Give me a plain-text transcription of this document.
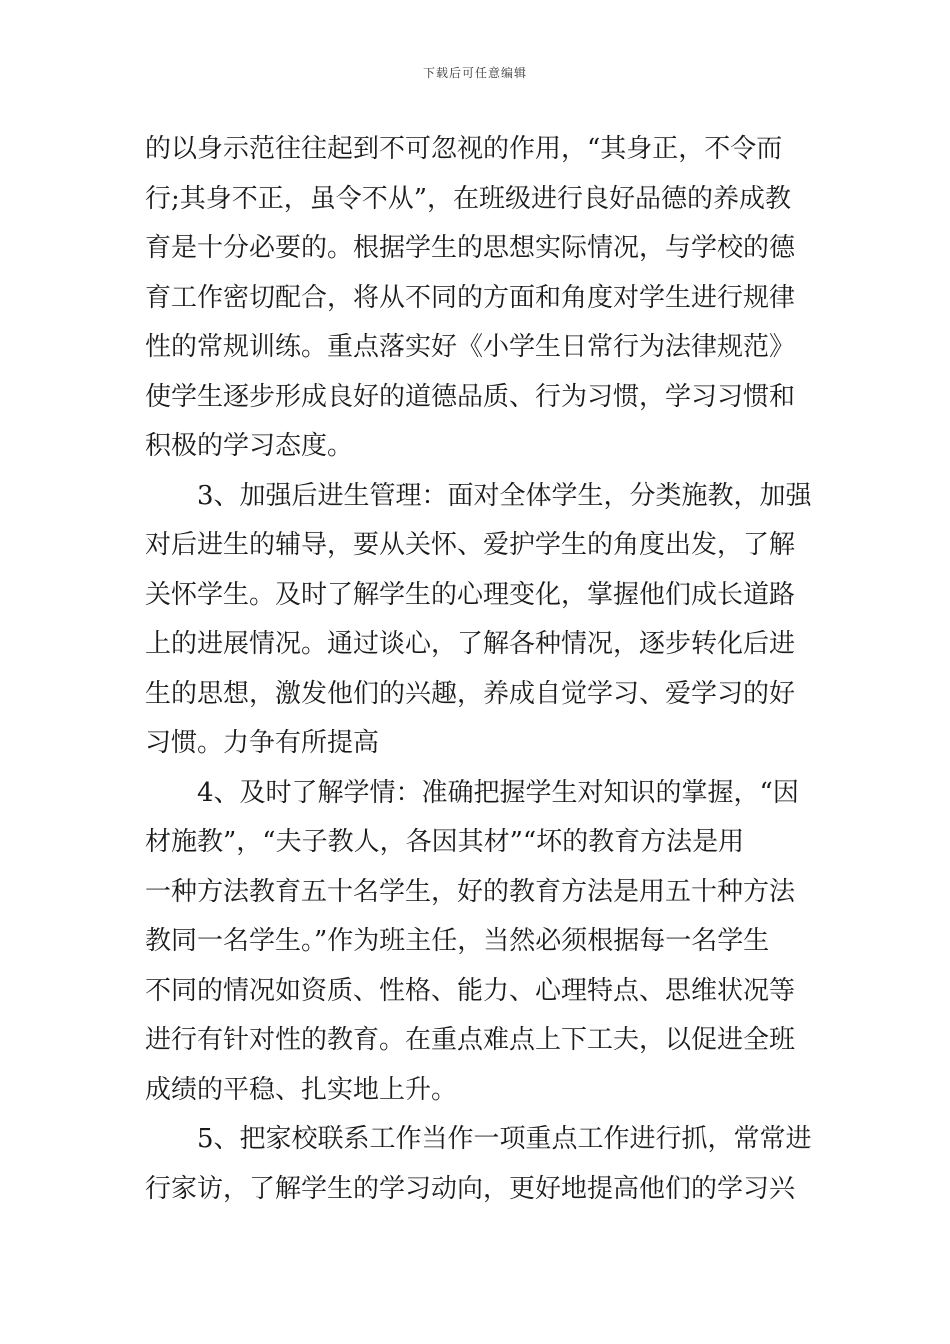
下载后可任意编辑
的以身示范往往起到不可忽视的作用，“其身正，不令而
行;其身不正，虽令不从”，在班级进行良好品德的养成教
育是十分必要的。根据学生的思想实际情况，与学校的德
育工作密切配合，将从不同的方面和角度对学生进行规律
性的常规训练。重点落实好《小学生日常行为法律规范》
使学生逐步形成良好的道德品质、行为习惯，学习习惯和
积极的学习态度。
3、加强后进生管理：面对全体学生，分类施教，加强
对后进生的辅导，要从关怀、爱护学生的角度出发，了解
关怀学生。及时了解学生的心理变化，掌握他们成长道路
上的进展情况。通过谈心，了解各种情况，逐步转化后进
生的思想，激发他们的兴趣，养成自觉学习、爱学习的好
习惯。力争有所提高
4、及时了解学情：准确把握学生对知识的掌握，“因
材施教”，“夫子教人，各因其材”“坏的教育方法是用
一种方法教育五十名学生，好的教育方法是用五十种方法
教同一名学生。”作为班主任，当然必须根据每一名学生
不同的情况如资质、性格、能力、心理特点、思维状况等
进行有针对性的教育。在重点难点上下工夫，以促进全班
成绩的平稳、扎实地上升。
5、把家校联系工作当作一项重点工作进行抓，常常进
行家访，了解学生的学习动向，更好地提高他们的学习兴
